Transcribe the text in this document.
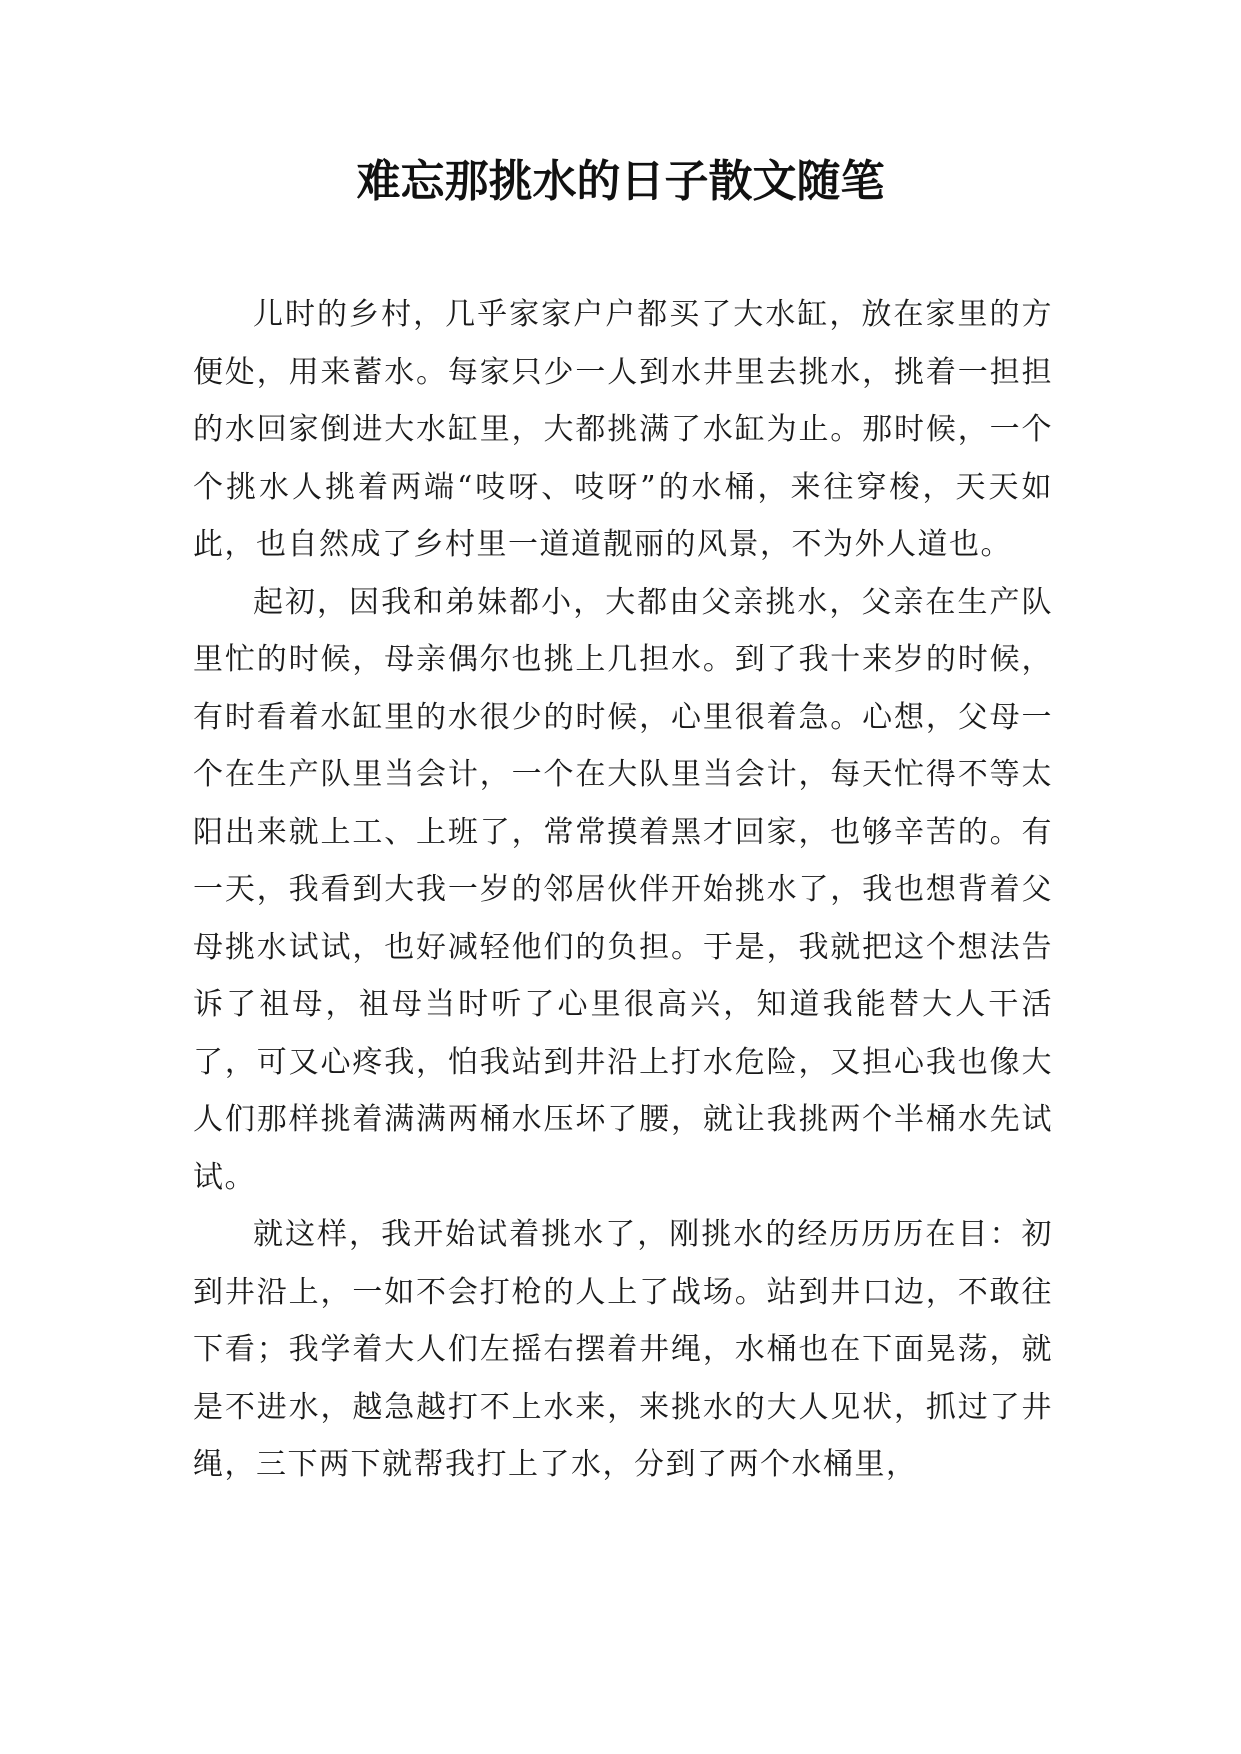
难忘那挑水的日子散文随笔

儿时的乡村，几乎家家户户都买了大水缸，放在家里的方便处，用来蓄水。每家只少一人到水井里去挑水，挑着一担担的水回家倒进大水缸里，大都挑满了水缸为止。那时候，一个个挑水人挑着两端“吱呀、吱呀”的水桶，来往穿梭，天天如此，也自然成了乡村里一道道靓丽的风景，不为外人道也。

起初，因我和弟妹都小，大都由父亲挑水，父亲在生产队里忙的时候，母亲偶尔也挑上几担水。到了我十来岁的时候，有时看着水缸里的水很少的时候，心里很着急。心想，父母一个在生产队里当会计，一个在大队里当会计，每天忙得不等太阳出来就上工、上班了，常常摸着黑才回家，也够辛苦的。有一天，我看到大我一岁的邻居伙伴开始挑水了，我也想背着父母挑水试试，也好减轻他们的负担。于是，我就把这个想法告诉了祖母，祖母当时听了心里很高兴，知道我能替大人干活了，可又心疼我，怕我站到井沿上打水危险，又担心我也像大人们那样挑着满满两桶水压坏了腰，就让我挑两个半桶水先试试。

就这样，我开始试着挑水了，刚挑水的经历历历在目：初到井沿上，一如不会打枪的人上了战场。站到井口边，不敢往下看；我学着大人们左摇右摆着井绳，水桶也在下面晃荡，就是不进水，越急越打不上水来，来挑水的大人见状，抓过了井绳，三下两下就帮我打上了水，分到了两个水桶里，
